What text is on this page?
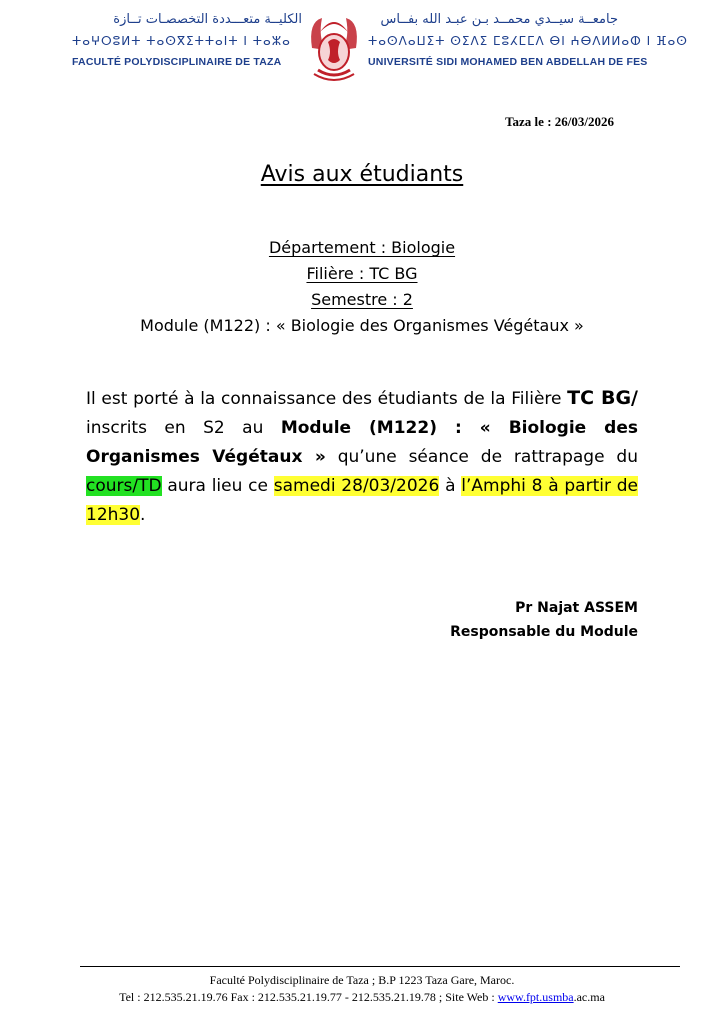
الكليــة متعـــددة التخصصـات تــازة
ⵜⴰⵖⵔⵓⵍⵜ ⵜⴰⵙⴳⵉⵜⵜⴰⵏⵜ ⵏ ⵜⴰⵣⴰ
FACULTÉ POLYDISCIPLINAIRE DE TAZA
جامعــة سيــدي محمــد بـن عبـد الله بفــاس
ⵜⴰⵙⴷⴰⵡⵉⵜ ⵙⵉⴷⵉ ⵎⵓⵃⵎⵎⴷ ⴱⵏ ⵄⴱⴷⵍⵍⴰⵀ ⵏ ⴼⴰⵙ
UNIVERSITÉ SIDI MOHAMED BEN ABDELLAH DE FES
Taza le : 26/03/2026
Avis aux étudiants
Département : Biologie
Filière : TC BG
Semestre : 2
Module (M122) : « Biologie des Organismes Végétaux »
Il est porté à la connaissance des étudiants de la Filière TC BG/ inscrits en S2 au Module (M122) : « Biologie des Organismes Végétaux » qu’une séance de rattrapage du cours/TD aura lieu ce samedi 28/03/2026 à l’Amphi 8 à partir de 12h30.
Pr Najat ASSEM
Responsable du Module
Faculté Polydisciplinaire de Taza ; B.P 1223 Taza Gare, Maroc.
Tel : 212.535.21.19.76 Fax : 212.535.21.19.77 - 212.535.21.19.78 ; Site Web : www.fpt.usmba.ac.ma
